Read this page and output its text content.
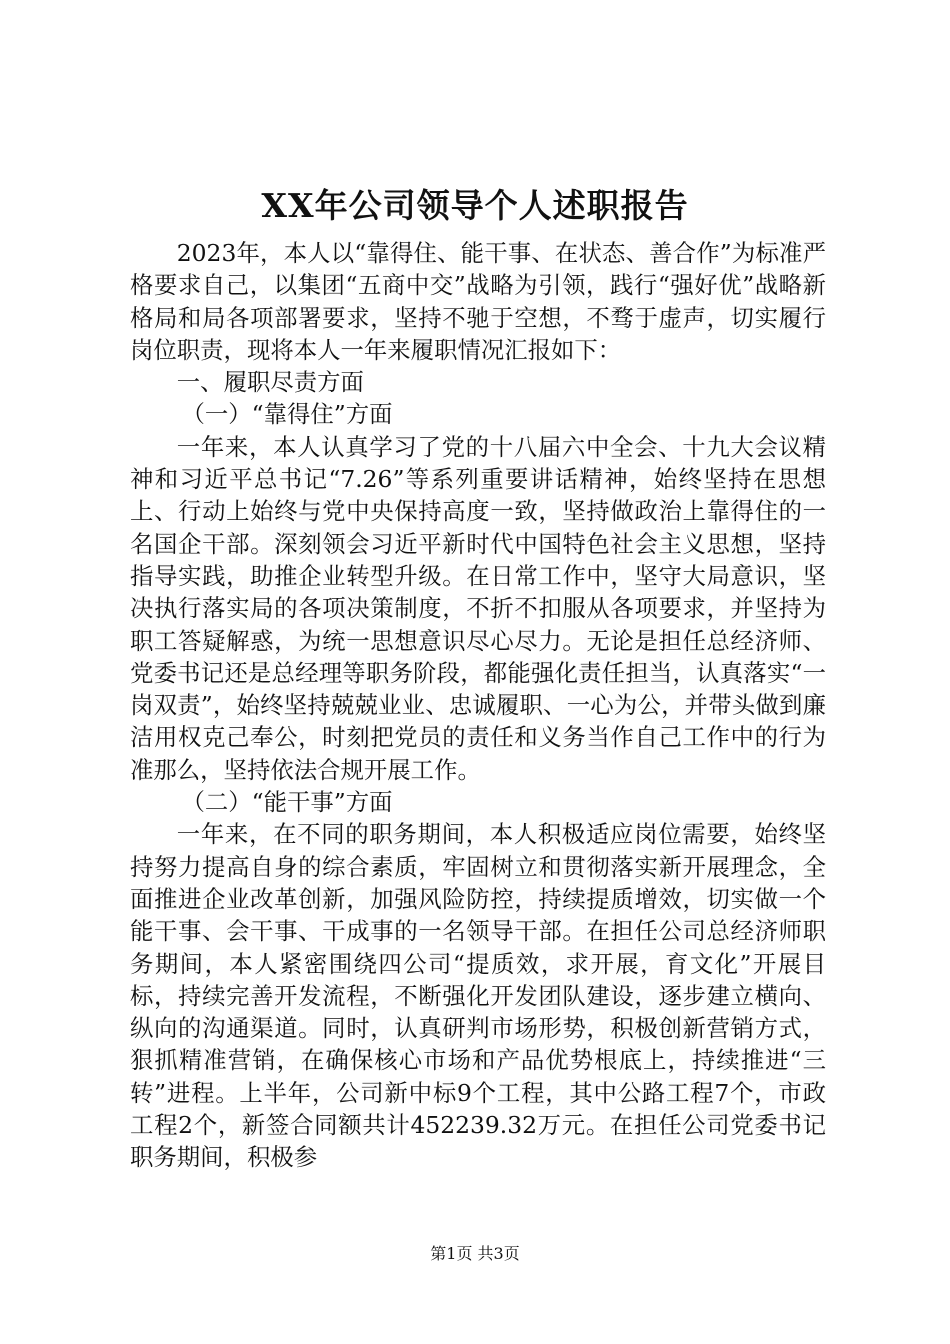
XX年公司领导个人述职报告

2023年，本人以“靠得住、能干事、在状态、善合作”为标准严格要求自己，以集团“五商中交”战略为引领，践行“强好优”战略新格局和局各项部署要求，坚持不驰于空想，不骛于虚声，切实履行岗位职责，现将本人一年来履职情况汇报如下：

一、履职尽责方面

（一）“靠得住”方面

一年来，本人认真学习了党的十八届六中全会、十九大会议精神和习近平总书记“7.26”等系列重要讲话精神，始终坚持在思想上、行动上始终与党中央保持高度一致，坚持做政治上靠得住的一名国企干部。深刻领会习近平新时代中国特色社会主义思想，坚持指导实践，助推企业转型升级。在日常工作中，坚守大局意识，坚决执行落实局的各项决策制度，不折不扣服从各项要求，并坚持为职工答疑解惑，为统一思想意识尽心尽力。无论是担任总经济师、党委书记还是总经理等职务阶段，都能强化责任担当，认真落实“一岗双责”，始终坚持兢兢业业、忠诚履职、一心为公，并带头做到廉洁用权克己奉公，时刻把党员的责任和义务当作自己工作中的行为准那么，坚持依法合规开展工作。

（二）“能干事”方面

一年来，在不同的职务期间，本人积极适应岗位需要，始终坚持努力提高自身的综合素质，牢固树立和贯彻落实新开展理念，全面推进企业改革创新，加强风险防控，持续提质增效，切实做一个能干事、会干事、干成事的一名领导干部。在担任公司总经济师职务期间，本人紧密围绕四公司“提质效，求开展，育文化”开展目标，持续完善开发流程，不断强化开发团队建设，逐步建立横向、纵向的沟通渠道。同时，认真研判市场形势，积极创新营销方式，狠抓精准营销，在确保核心市场和产品优势根底上，持续推进“三转”进程。上半年，公司新中标9个工程，其中公路工程7个，市政工程2个，新签合同额共计452239.32万元。在担任公司党委书记职务期间，积极参

第1页 共3页
